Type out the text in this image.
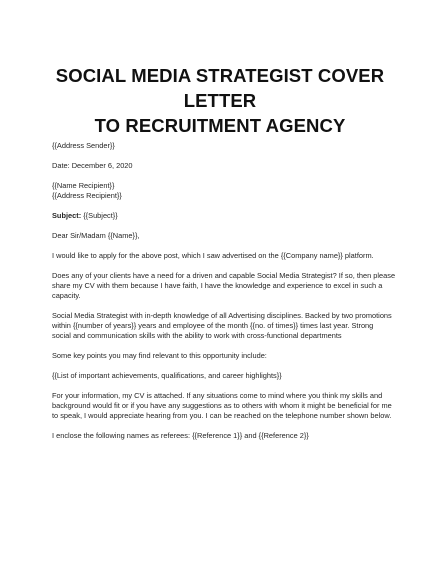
SOCIAL MEDIA STRATEGIST COVER LETTER
TO RECRUITMENT AGENCY

{{Address Sender}}

Date: December 6, 2020

{{Name Recipient}}

{{Address Recipient}}

Subject: {{Subject}}

Dear Sir/Madam {{Name}},

I would like to apply for the above post, which I saw advertised on the {{Company name}} platform.

Does any of your clients have a need for a driven and capable Social Media Strategist? If so, then please
share my CV with them because I have faith, I have the knowledge and experience to excel in such a
capacity.

Social Media Strategist with in-depth knowledge of all Advertising disciplines. Backed by two promotions
within {{number of years}} years and employee of the month {{no. of times}} times last year. Strong
social and communication skills with the ability to work with cross-functional departments

Some key points you may find relevant to this opportunity include:

{{List of important achievements, qualifications, and career highlights}}

For your information, my CV is attached. If any situations come to mind where you think my skills and
background would fit or if you have any suggestions as to others with whom it might be beneficial for me
to speak, I would appreciate hearing from you. I can be reached on the telephone number shown below.

I enclose the following names as referees: {{Reference 1}} and {{Reference 2}}
